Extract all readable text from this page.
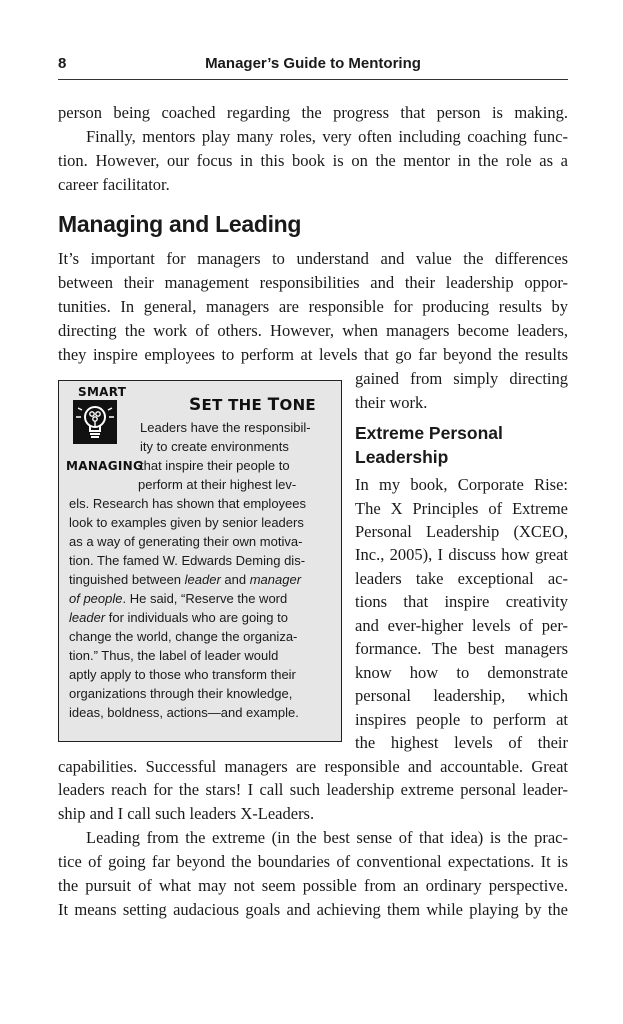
8	Manager’s Guide to Mentoring
person being coached regarding the progress that person is making.
Finally, mentors play many roles, very often including coaching func-
tion. However, our focus in this book is on the mentor in the role as a
career facilitator.
Managing and Leading
It’s important for managers to understand and value the differences
between their management responsibilities and their leadership oppor-
tunities. In general, managers are responsible for producing results by
directing the work of others. However, when managers become leaders,
they inspire employees to perform at levels that go far beyond the results
gained from simply directing
their work.
Extreme Personal
Leadership
In my book, Corporate Rise:
The X Principles of Extreme
Personal Leadership (XCEO,
Inc., 2005), I discuss how great
leaders take exceptional ac-
tions that inspire creativity
and ever-higher levels of per-
formance. The best managers
know how to demonstrate
personal leadership, which
inspires people to perform at
the highest levels of their
SMART
MANAGING
SET THE TONE
Leaders have the responsibil-
ity to create environments
that inspire their people to
perform at their highest lev-
els. Research has shown that employees
look to examples given by senior leaders
as a way of generating their own motiva-
tion. The famed W. Edwards Deming dis-
tinguished between leader and manager
of people. He said, “Reserve the word
leader for individuals who are going to
change the world, change the organiza-
tion.” Thus, the label of leader would
aptly apply to those who transform their
organizations through their knowledge,
ideas, boldness, actions—and example.
capabilities. Successful managers are responsible and accountable. Great
leaders reach for the stars! I call such leadership extreme personal leader-
ship and I call such leaders X-Leaders.
Leading from the extreme (in the best sense of that idea) is the prac-
tice of going far beyond the boundaries of conventional expectations. It is
the pursuit of what may not seem possible from an ordinary perspective.
It means setting audacious goals and achieving them while playing by the
